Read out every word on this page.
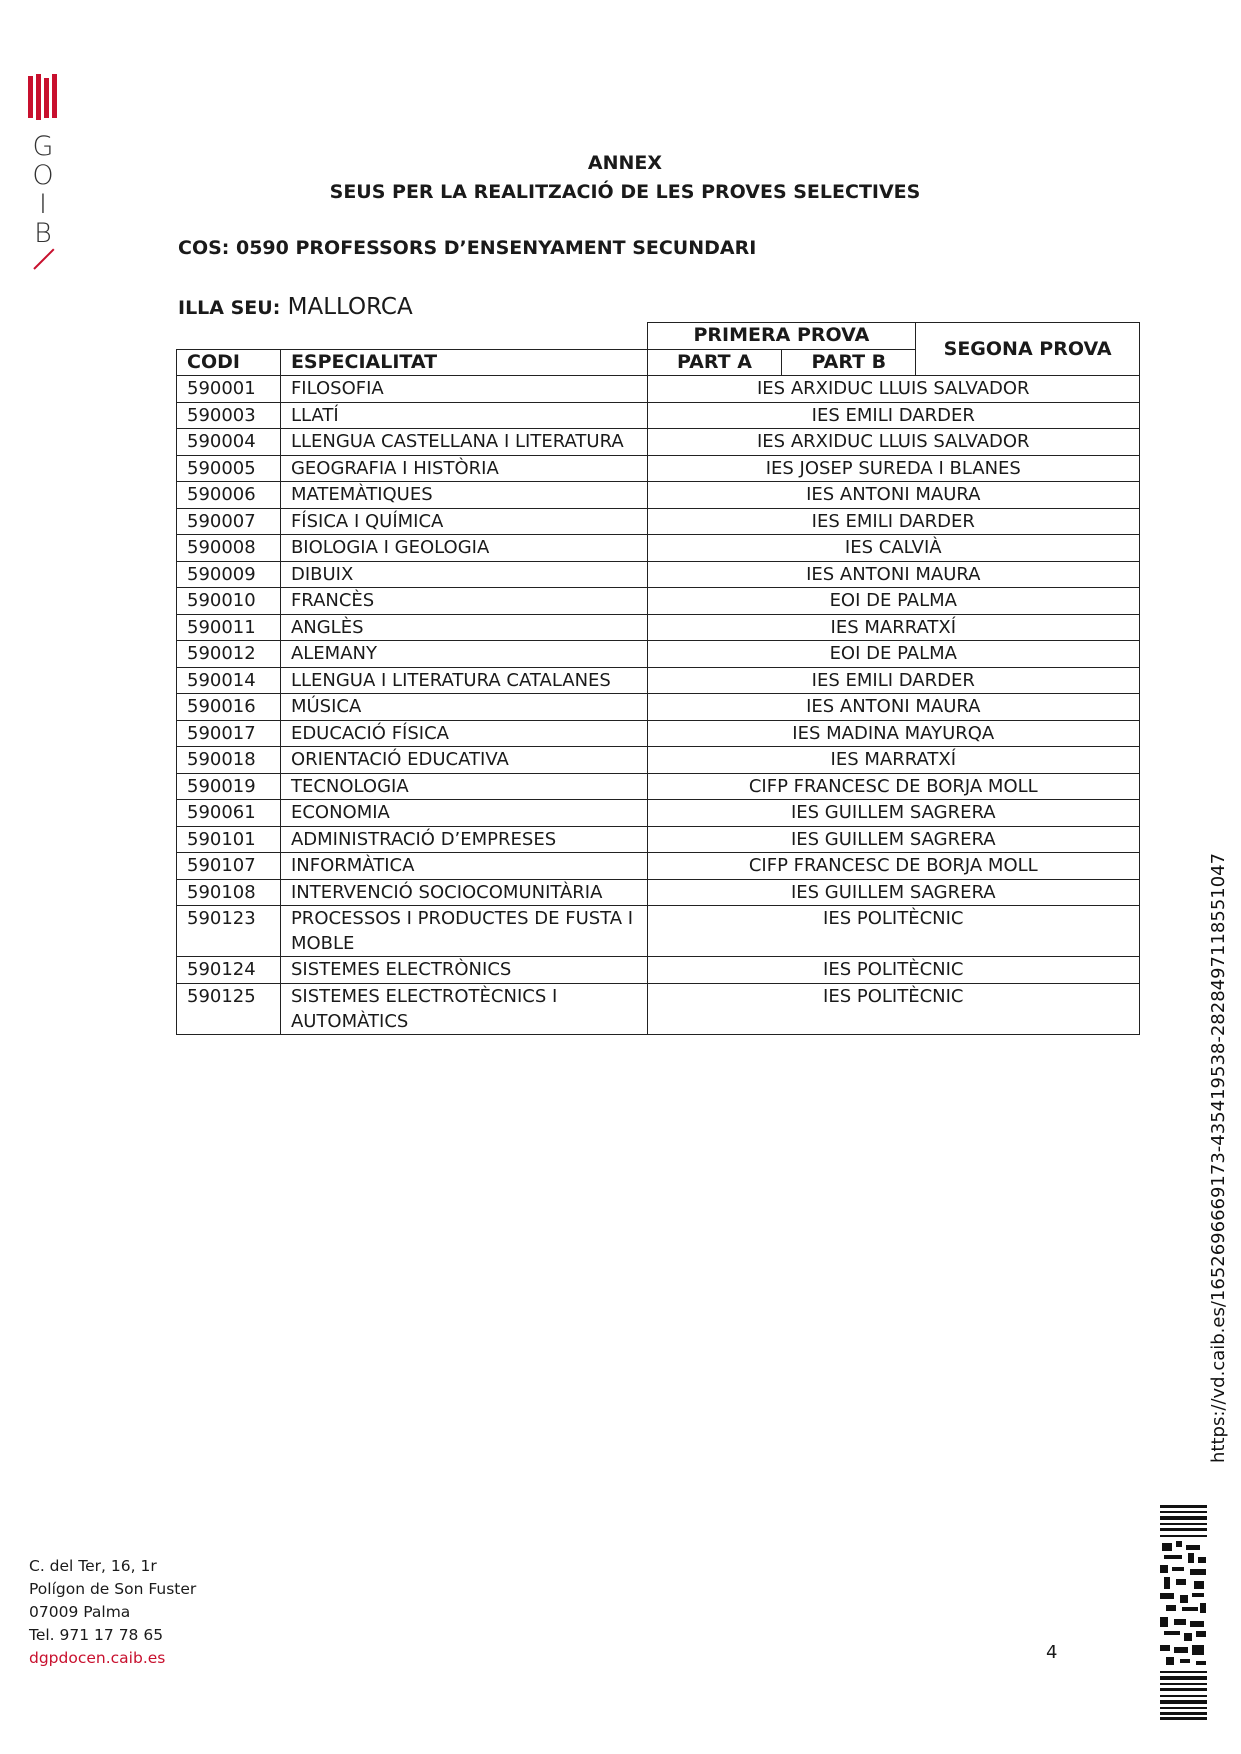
G
O
I
B
ANNEX
SEUS PER LA REALITZACIÓ DE LES PROVES SELECTIVES
COS: 0590 PROFESSORS D’ENSENYAMENT SECUNDARI
ILLA SEU: MALLORCA
		PRIMERA PROVA		SEGONA PROVA
CODI	ESPECIALITAT	PART A	PART B	
590001	FILOSOFIA	IES ARXIDUC LLUIS SALVADOR		
590003	LLATÍ	IES EMILI DARDER		
590004	LLENGUA CASTELLANA I LITERATURA	IES ARXIDUC LLUIS SALVADOR		
590005	GEOGRAFIA I HISTÒRIA	IES JOSEP SUREDA I BLANES		
590006	MATEMÀTIQUES	IES ANTONI MAURA		
590007	FÍSICA I QUÍMICA	IES EMILI DARDER		
590008	BIOLOGIA I GEOLOGIA	IES CALVIÀ		
590009	DIBUIX	IES ANTONI MAURA		
590010	FRANCÈS	EOI DE PALMA		
590011	ANGLÈS	IES MARRATXÍ		
590012	ALEMANY	EOI DE PALMA		
590014	LLENGUA I LITERATURA CATALANES	IES EMILI DARDER		
590016	MÚSICA	IES ANTONI MAURA		
590017	EDUCACIÓ FÍSICA	IES MADINA MAYURQA		
590018	ORIENTACIÓ EDUCATIVA	IES MARRATXÍ		
590019	TECNOLOGIA	CIFP FRANCESC DE BORJA MOLL		
590061	ECONOMIA	IES GUILLEM SAGRERA		
590101	ADMINISTRACIÓ D’EMPRESES	IES GUILLEM SAGRERA		
590107	INFORMÀTICA	CIFP FRANCESC DE BORJA MOLL		
590108	INTERVENCIÓ SOCIOCOMUNITÀRIA	IES GUILLEM SAGRERA		
590123	PROCESSOS I PRODUCTES DE FUSTA I MOBLE	IES POLITÈCNIC		
590124	SISTEMES ELECTRÒNICS	IES POLITÈCNIC		
590125	SISTEMES ELECTROTÈCNICS I AUTOMÀTICS	IES POLITÈCNIC		
C. del Ter, 16, 1r
Polígon de Son Fuster
07009 Palma
Tel. 971 17 78 65
dgpdocen.caib.es	4
https://vd.caib.es/1652696669173-435419538-2828497118551047
